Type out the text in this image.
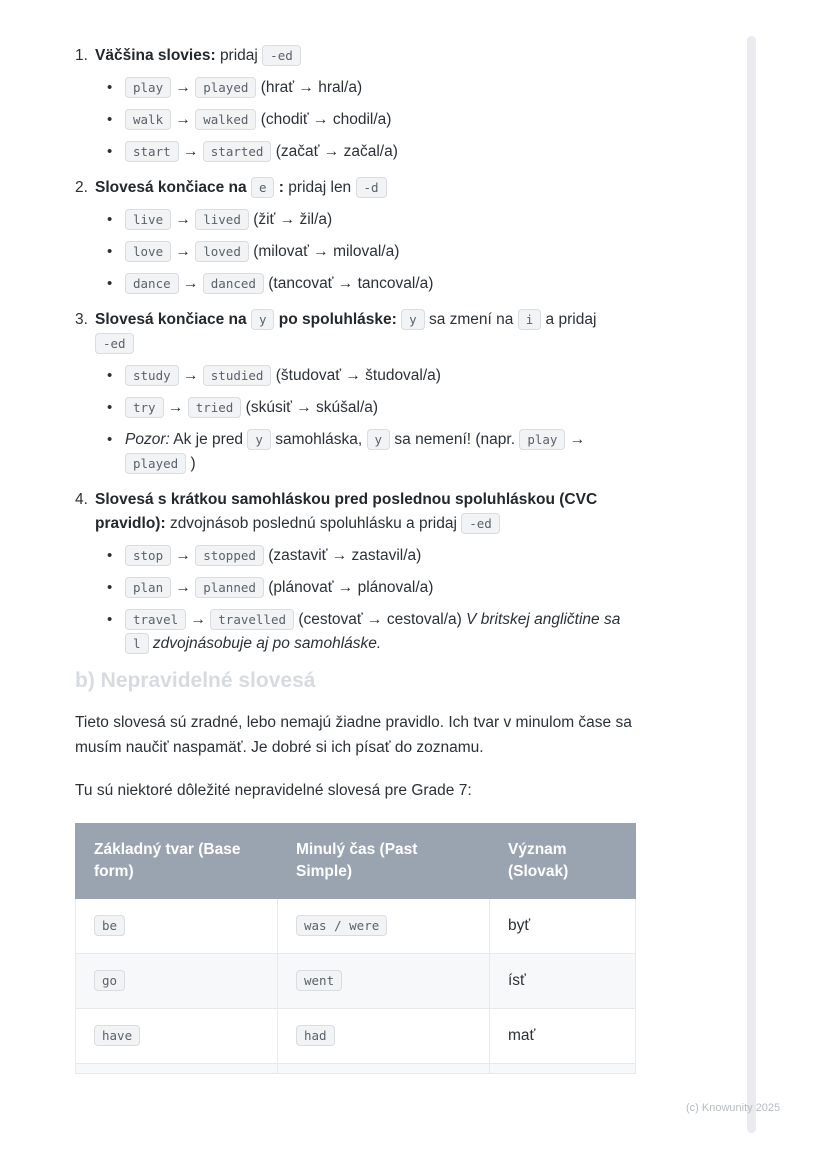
1. Väčšina slovies: pridaj -ed
•	play → played (hrať → hral/a)
•	walk → walked (chodiť → chodil/a)
•	start → started (začať → začal/a)
2. Slovesá končiace na e : pridaj len -d
•	live → lived (žiť → žil/a)
•	love → loved (milovať → miloval/a)
•	dance → danced (tancovať → tancoval/a)
3. Slovesá končiace na y po spoluhláske: y sa zmení na i a pridaj -ed
•	study → studied (študovať → študoval/a)
•	try → tried (skúsiť → skúšal/a)
• Pozor: Ak je pred y samohláska, y sa nemení! (napr. play → played )
4. Slovesá s krátkou samohláskou pred poslednou spoluhláskou (CVC pravidlo): zdvojnásob poslednú spoluhlásku a pridaj -ed
•	stop → stopped (zastaviť → zastavil/a)
•	plan → planned (plánovať → plánoval/a)
•	travel → travelled (cestovať → cestoval/a) V britskej angličtine sa l zdvojnásobuje aj po samohláske.
b) Nepravidelné slovesá

Tieto slovesá sú zradné, lebo nemajú žiadne pravidlo. Ich tvar v minulom čase sa musím naučiť naspamäť. Je dobré si ich písať do zoznamu.

Tu sú niektoré dôležité nepravidelné slovesá pre Grade 7:

Základný tvar (Base form)	Minulý čas (Past Simple)	Význam (Slovak)
be	was / were	byť
go	went	ísť
have	had	mať

(c) Knowunity 2025
